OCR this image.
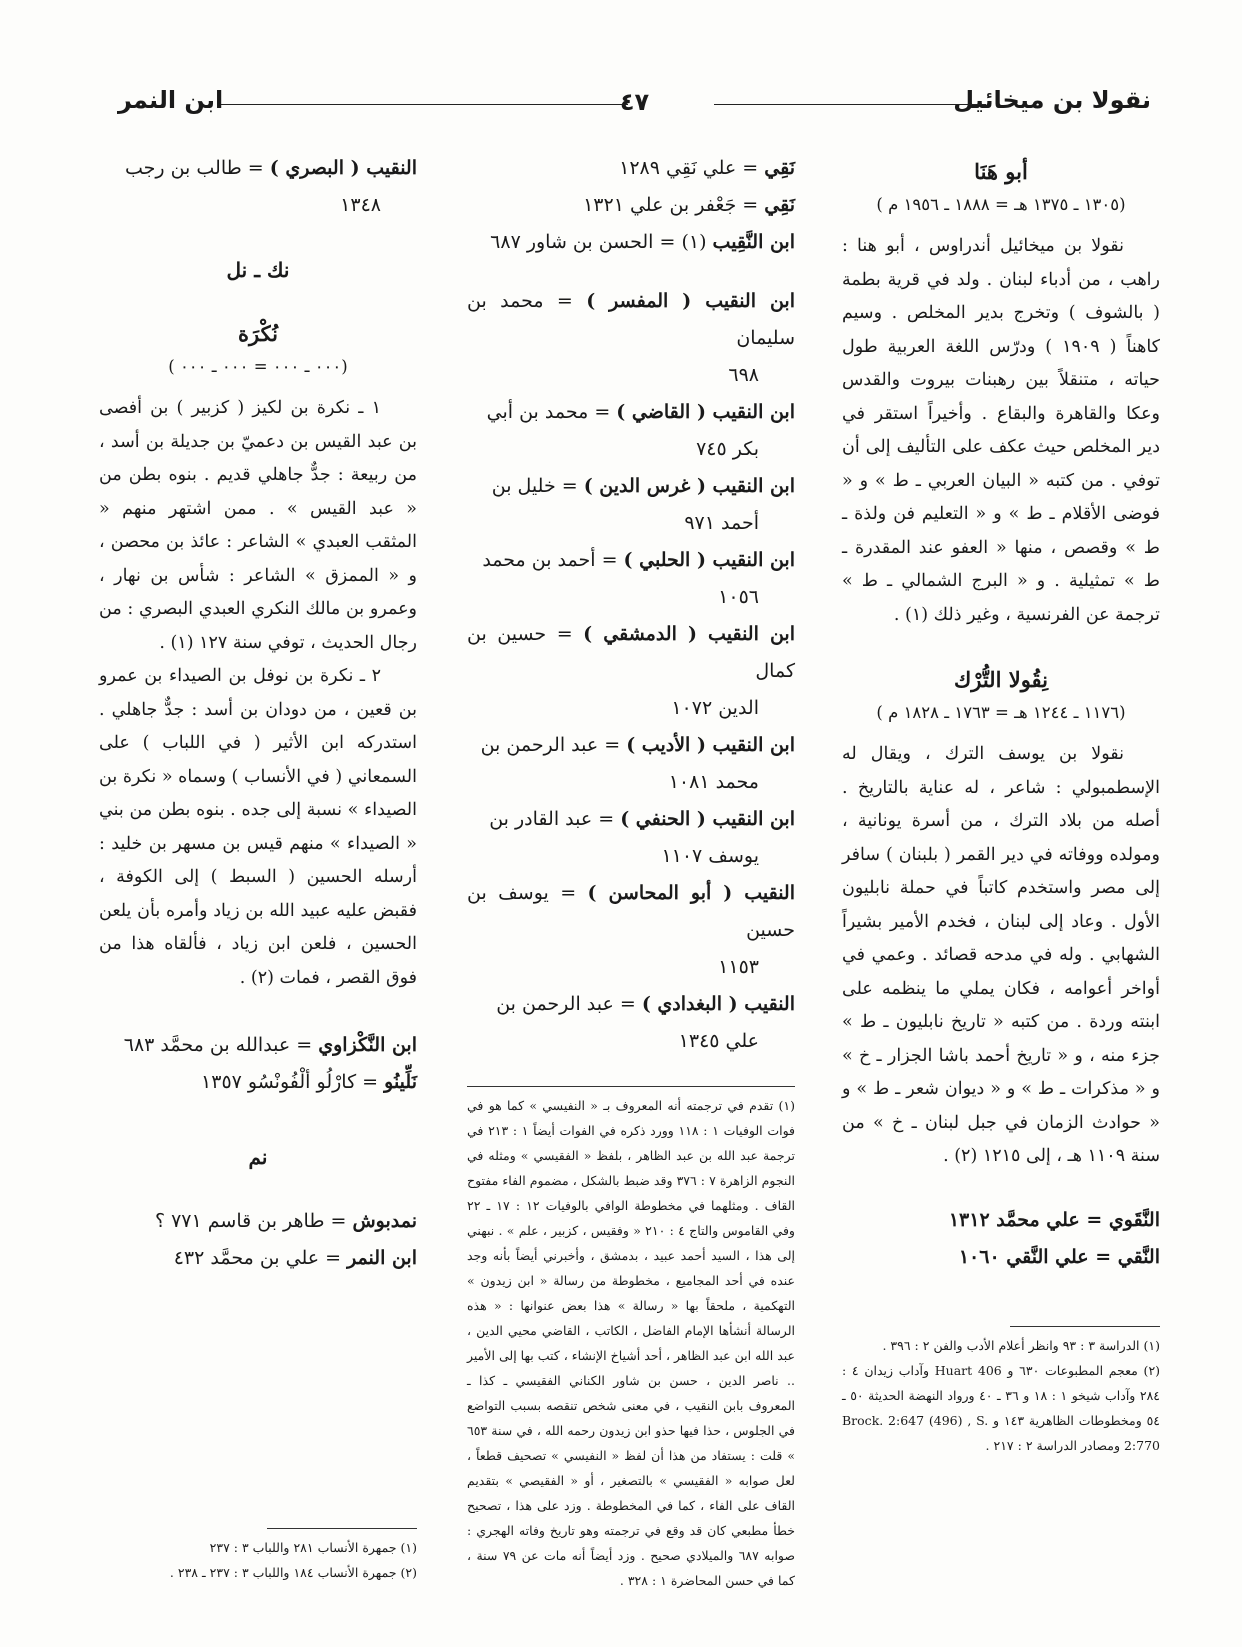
نقولا بن ميخائيل
٤٧
ابن النمر
أبو هَنَا
(١٣٠٥ ـ ١٣٧٥ هـ = ١٨٨٨ ـ ١٩٥٦ م )

نقولا بن ميخائيل أندراوس ، أبو هنا : راهب ، من أدباء لبنان . ولد في قرية بطمة ( بالشوف ) وتخرج بدير المخلص . وسيم كاهناً ( ١٩٠٩ ) ودرّس اللغة العربية طول حياته ، متنقلاً بين رهبنات بيروت والقدس وعكا والقاهرة والبقاع . وأخيراً استقر في دير المخلص حيث عكف على التأليف إلى أن توفي . من كتبه « البيان العربي ـ ط » و « فوضى الأقلام ـ ط » و « التعليم فن ولذة ـ ط » وقصص ، منها « العفو عند المقدرة ـ ط » تمثيلية . و « البرج الشمالي ـ ط » ترجمة عن الفرنسية ، وغير ذلك (١) .

نِقُولا التُّرْك
(١١٧٦ ـ ١٢٤٤ هـ = ١٧٦٣ ـ ١٨٢٨ م )

نقولا بن يوسف الترك ، ويقال له الإسطمبولي : شاعر ، له عناية بالتاريخ . أصله من بلاد الترك ، من أسرة يونانية ، ومولده ووفاته في دير القمر ( بلبنان ) سافر إلى مصر واستخدم كاتباً في حملة نابليون الأول . وعاد إلى لبنان ، فخدم الأمير بشيراً الشهابي . وله في مدحه قصائد . وعمي في أواخر أعوامه ، فكان يملي ما ينظمه على ابنته وردة . من كتبه « تاريخ نابليون ـ ط » جزء منه ، و « تاريخ أحمد باشا الجزار ـ خ » و « مذكرات ـ ط » و « ديوان شعر ـ ط » و « حوادث الزمان في جبل لبنان ـ خ » من سنة ١١٠٩ هـ ، إلى ١٢١٥ (٢) .

النَّقَوي = علي محمَّد ١٣١٢
النَّقي = علي النَّقي ١٠٦٠
(١) الدراسة ٣ : ٩٣ وانظر أعلام الأدب والفن ٢ : ٣٩٦ .
(٢) معجم المطبوعات ٦٣٠ و Huart 406 وآداب زيدان ٤ : ٢٨٤ وآداب شيخو ١ : ١٨ و ٣٦ ـ ٤٠ ورواد النهضة الحديثة ٥٠ ـ ٥٤ ومخطوطات الظاهرية ١٤٣ و Brock. 2:647 (496) , S. 2:770 ومصادر الدراسة ٢ : ٢١٧ .
نَقِي = علي نَقِي ١٢٨٩
نَقِي = جَعْفر بن علي ١٣٢١
ابن النَّقِيب (١) = الحسن بن شاور ٦٨٧
ابن النقيب ( المفسر ) = محمد بن سليمان
٦٩٨
ابن النقيب ( القاضي ) = محمد بن أبي
بكر ٧٤٥
ابن النقيب ( غرس الدين ) = خليل بن
أحمد ٩٧١
ابن النقيب ( الحلبي ) = أحمد بن محمد
١٠٥٦
ابن النقيب ( الدمشقي ) = حسين بن كمال
الدين ١٠٧٢
ابن النقيب ( الأديب ) = عبد الرحمن بن
محمد ١٠٨١
ابن النقيب ( الحنفي ) = عبد القادر بن
يوسف ١١٠٧
النقيب ( أبو المحاسن ) = يوسف بن حسين
١١٥٣
النقيب ( البغدادي ) = عبد الرحمن بن
علي ١٣٤٥
(١) تقدم في ترجمته أنه المعروف بـ « النفيسي » كما هو في فوات الوفيات ١ : ١١٨ وورد ذكره في الفوات أيضاً ١ : ٢١٣ في ترجمة عبد الله بن عبد الظاهر ، بلفظ « الفقيسي » ومثله في النجوم الزاهرة ٧ : ٣٧٦ وقد ضبط بالشكل ، مضموم الفاء مفتوح القاف . ومثلهما في مخطوطة الوافي بالوفيات ١٢ : ١٧ ـ ٢٢ وفي القاموس والتاج ٤ : ٢١٠ « وفقيس ، كزبير ، علم » . نبهني إلى هذا ، السيد أحمد عبيد ، بدمشق ، وأخبرني أيضاً بأنه وجد عنده في أحد المجاميع ، مخطوطة من رسالة « ابن زيدون » التهكمية ، ملحقاً بها « رسالة » هذا بعض عنوانها : « هذه الرسالة أنشأها الإمام الفاضل ، الكاتب ، القاضي محيي الدين ، عبد الله ابن عبد الظاهر ، أحد أشياخ الإنشاء ، كتب بها إلى الأمير .. ناصر الدين ، حسن بن شاور الكناني الفقيسي ـ كذا ـ المعروف بابن النقيب ، في معنى شخص تنقصه بسبب التواضع في الجلوس ، حذا فيها حذو ابن زيدون رحمه الله ، في سنة ٦٥٣ » قلت : يستفاد من هذا أن لفظ « النفيسي » تصحيف قطعاً ، لعل صوابه « الفقيسي » بالتصغير ، أو « الفقيصي » بتقديم القاف على الفاء ، كما في المخطوطة . وزد على هذا ، تصحيح خطأ مطبعي كان قد وقع في ترجمته وهو تاريخ وفاته الهجري : صوابه ٦٨٧ والميلادي صحيح . وزد أيضاً أنه مات عن ٧٩ سنة ، كما في حسن المحاضرة ١ : ٣٢٨ .
النقيب ( البصري ) = طالب بن رجب
١٣٤٨
نك ـ نل
نُكْرَة
(٠٠٠ ـ ٠٠٠ = ٠٠٠ ـ ٠٠٠ )

١ ـ نكرة بن لكيز ( كزبير ) بن أفصى بن عبد القيس بن دعميّ بن جديلة بن أسد ، من ربيعة : جدٌّ جاهلي قديم . بنوه بطن من « عبد القيس » . ممن اشتهر منهم « المثقب العبدي » الشاعر : عائذ بن محصن ، و « الممزق » الشاعر : شأس بن نهار ، وعمرو بن مالك النكري العبدي البصري : من رجال الحديث ، توفي سنة ١٢٧ (١) .

٢ ـ نكرة بن نوفل بن الصيداء بن عمرو بن قعين ، من دودان بن أسد : جدٌّ جاهلي . استدركه ابن الأثير ( في اللباب ) على السمعاني ( في الأنساب ) وسماه « نكرة بن الصيداء » نسبة إلى جده . بنوه بطن من بني « الصيداء » منهم قيس بن مسهر بن خليد : أرسله الحسين ( السبط ) إلى الكوفة ، فقبض عليه عبيد الله بن زياد وأمره بأن يلعن الحسين ، فلعن ابن زياد ، فألقاه هذا من فوق القصر ، فمات (٢) .

ابن النَّكْزاوي = عبدالله بن محمَّد ٦٨٣
نَلِّينُو = كارْلُو ألْفُونْسُو ١٣٥٧
نم
نمدبوش = طاهر بن قاسم ٧٧١ ؟
ابن النمر = علي بن محمَّد ٤٣٢
(١) جمهرة الأنساب ٢٨١ واللباب ٣ : ٢٣٧
(٢) جمهرة الأنساب ١٨٤ واللباب ٣ : ٢٣٧ ـ ٢٣٨ .
